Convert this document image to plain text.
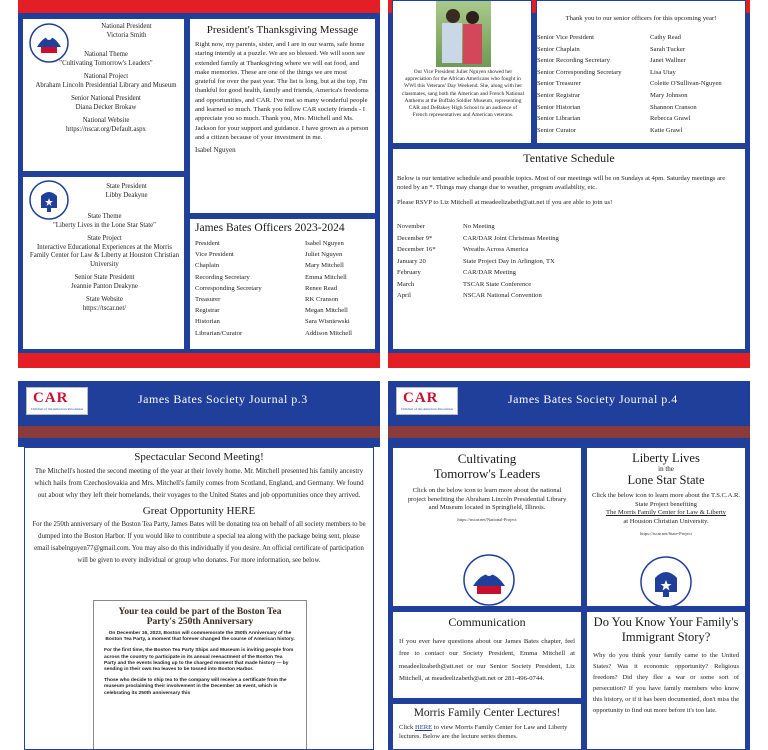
National President
Victoria Smith
National Theme
"Cultivating Tomorrow's Leaders"
National Project
Abraham Lincoln Presidential Library and Museum
Senior National President
Diana Decker Brokaw
National Website
https://nscar.org/Default.aspx
State President
Libby Deakyne
State Theme
"Liberty Lives in the Lone Star State"
State Project
Interactive Educational Experiences at the Morris Family Center for Law & Liberty at Houston Christian University
Senior State President
Jeannie Panton Deakyne
State Website
https://tscar.net/
President's Thanksgiving Message
Right now, my parents, sister, and I are in our warm, safe home staring intently at a puzzle. We are so blessed. We will soon see extended family at Thanksgiving where we will eat food, and make memories. These are one of the things we are most grateful for over the past year. The list is long, but at the top, I'm thankful for good health, family and friends, America's freedoms and opportunities, and CAR. I've met so many wonderful people and learned so much. Thank you fellow CAR society friends - I appreciate you so much. Thank you, Mrs. Mitchell and Ms. Jackson for your support and guidance. I have grown as a person and a citizen because of your investment in me.
Isabel Nguyen
James Bates Officers 2023-2024
President	Isabel Nguyen
Vice President	Juliet Nguyen
Chaplain	Mary Mitchell
Recording Secretary	Emma Mitchell
Corresponding Secretary	Renee Read
Treasurer	RK Cranson
Registrar	Megan Mitchell
Historian	Sara Wisniewski
Librarian/Curator	Addison Mitchell
Our Vice President Juliet Nguyen showed her appreciation for the African Americans who fought in WWI this Veterans' Day Weekend. She, along with her classmates, sang both the American and French National Anthems at the Buffalo Soldier Museum, representing CAR and DeBakey High School to an audience of French representatives and American veterans.
Thank you to our senior officers for this upcoming year!
Senior Vice President	Cathy Read
Senior Chaplain	Sarah Tucker
Senior Recording Secretary	Janet Wallner
Senior Corresponding Secretary	Lisa Utay
Senior Treasurer	Colette O'Sullivan-Nguyen
Senior Registrar	Mary Johnson
Senior Historian	Shannon Cranson
Senior Librarian	Rebecca Grawl
Senior Curator	Katie Grawl
Tentative Schedule
Below is our tentative schedule and possible topics. Most of our meetings will be on Sundays at 4pm. Saturday meetings are noted by an *. Things may change due to weather, program availability, etc.
Please RSVP to Liz Mitchell at meadeelizabeth@att.net if you are able to join us!
November	No Meeting
December 9*	CAR/DAR Joint Christmas Meeting
December 16*	Wreaths Across America
January 20	State Project Day in Arlington, TX
February	CAR/DAR Meeting
March	TSCAR State Conference
April	NSCAR National Convention
CAR
Children of the American Revolution
James Bates Society Journal p.3
Spectacular Second Meeting!
The Mitchell's hosted the second meeting of the year at their lovely home. Mr. Mitchell presented his family ancestry which hails from Czechoslovakia and Mrs. Mitchell's family comes from Scotland, England, and Germany. We found out about why they left their homelands, their voyages to the United States and job opportunities once they arrived.
Great Opportunity HERE
For the 250th anniversary of the Boston Tea Party, James Bates will be donating tea on behalf of all society members to be dumped into the Boston Harbor. If you would like to contribute a special tea along with the package being sent, please email isabelnguyen77@gmail.com. You may also do this individually if you desire. An official certificate of participation will be given to every individual or group who donates. For more information, see below.
Your tea could be part of the Boston Tea
Party's 250th Anniversary
On December 16, 2023, Boston will commemorate the 250th Anniversary of the Boston Tea Party, a moment that forever changed the course of American history.
For the first time, the Boston Tea Party Ships and Museum is inviting people from across the country to participate in its annual reenactment of the Boston Tea Party and the events leading up to the charged moment that made history — by sending in their own tea leaves to be tossed into Boston Harbor.
Those who decide to ship tea to the company will receive a certificate from the museum proclaiming their involvement in the December 16 event, which is celebrating its 250th anniversary this
CAR
Children of the American Revolution
James Bates Society Journal p.4
Cultivating
Tomorrow's Leaders
Click on the below icon to learn more about the national project benefiting the Abraham Lincoln Presidential Library and Museum located in Springfield, Illinois.
https://nscar.net/National-Project
Liberty Lives
in the
Lone Star State
Click the below icon to learn more about the T.S.C.A.R. State Project benefiting
The Morris Family Center for Law & Liberty
at Houston Christian University.
https://tscar.net/State-Project
Communication
If you ever have questions about our James Bates chapter, feel free to contact our Society President, Emma Mitchell at meadeelizabeth@att.net or our Senior Society President, Liz Mitchell, at meadeelizabeth@att.net or 281-496-0744.
Morris Family Center Lectures!
Click HERE to view Morris Family Center for Law and Liberty lectures. Below are the lecture series themes.
Do You Know Your Family's Immigrant Story?
Why do you think your family came to the United States? Was it economic opportunity? Religious freedom? Did they flee a war or some sort of persecution? If you have family members who know this history, or if it has been documented, don't miss the opportunity to find out more before it's too late.
